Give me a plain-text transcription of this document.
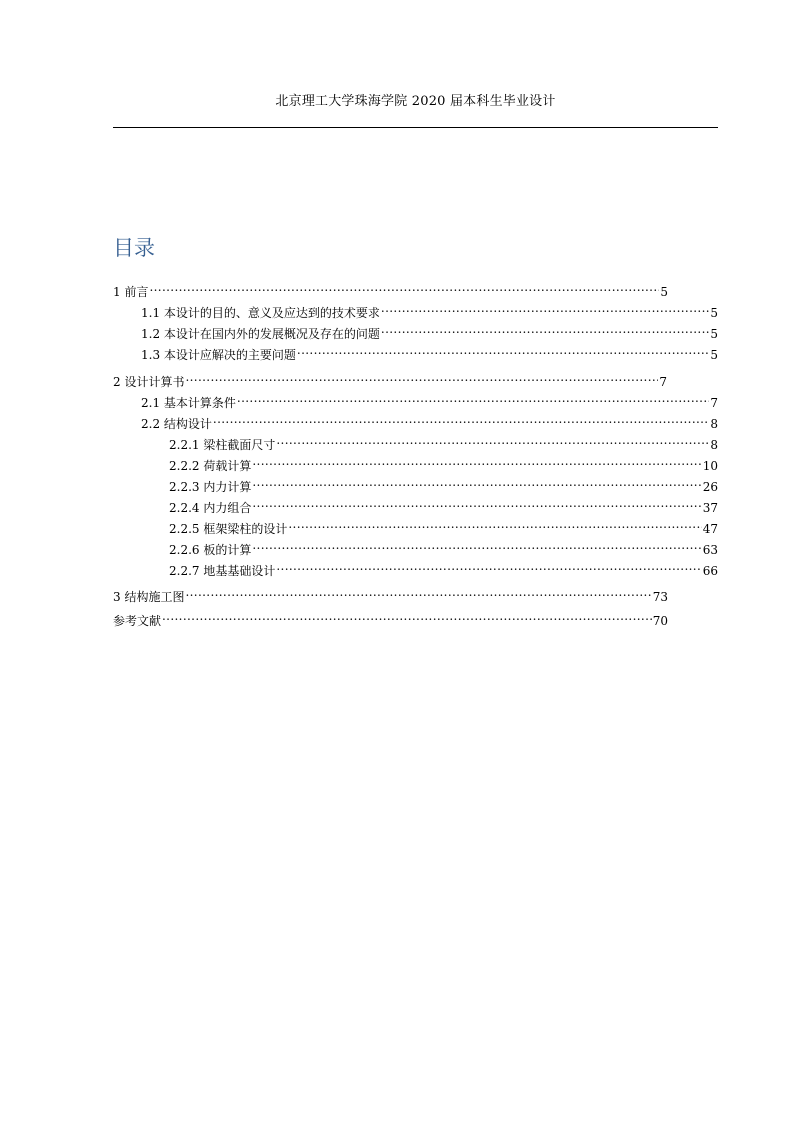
北京理工大学珠海学院 2020 届本科生毕业设计
目录
1 前言 .....	5
1.1 本设计的目的、意义及应达到的技术要求 .....	5
1.2 本设计在国内外的发展概况及存在的问题 .....	5
1.3 本设计应解决的主要问题 .....	5
2 设计计算书 .....	7
2.1 基本计算条件 .....	7
2.2 结构设计 .....	8
2.2.1 梁柱截面尺寸 .....	8
2.2.2 荷载计算 .....	10
2.2.3 内力计算 .....	26
2.2.4 内力组合 .....	37
2.2.5 框架梁柱的设计 .....	47
2.2.6 板的计算 .....	63
2.2.7 地基基础设计 .....	66
3 结构施工图 .....	73
参考文献 .....	70
